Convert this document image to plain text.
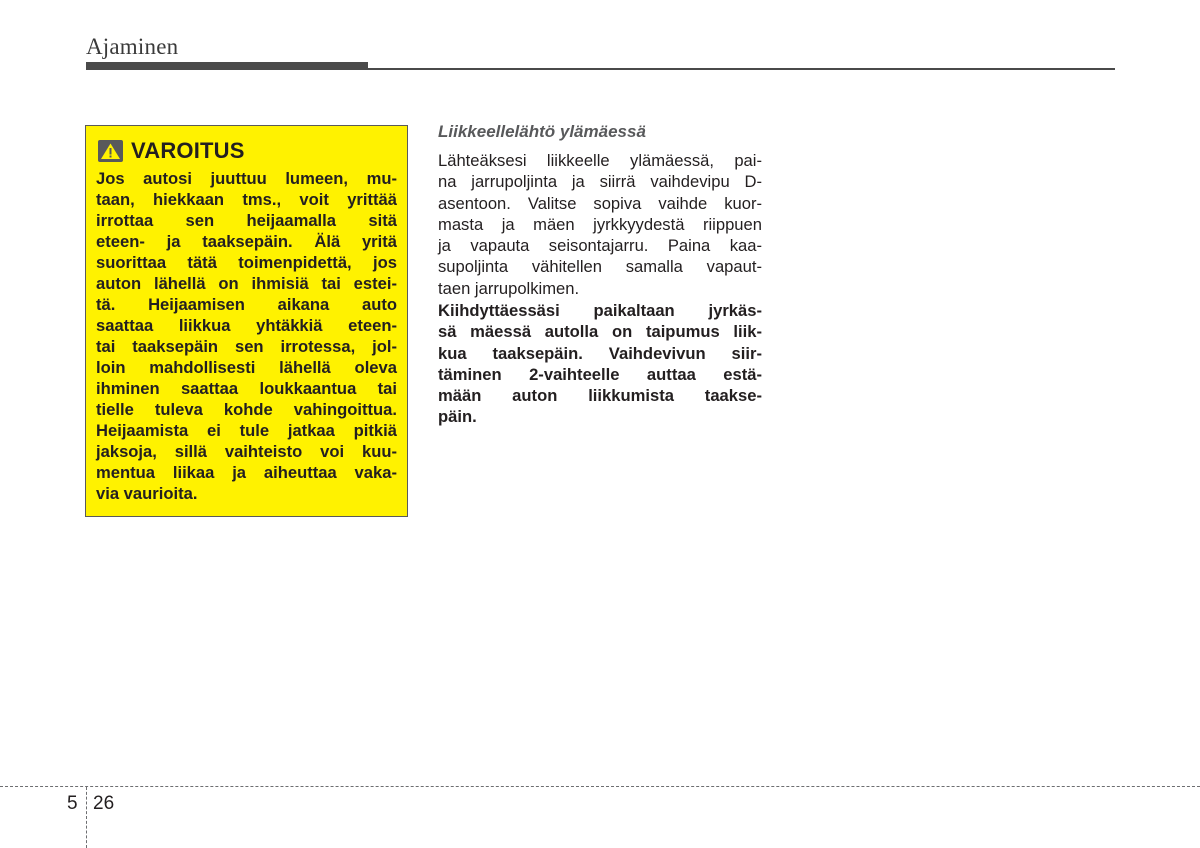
Ajaminen
VAROITUS

Jos autosi juuttuu lumeen, mu-
taan, hiekkaan tms., voit yrittää
irrottaa sen heijaamalla sitä
eteen- ja taaksepäin. Älä yritä
suorittaa tätä toimenpidettä, jos
auton lähellä on ihmisiä tai estei-
tä. Heijaamisen aikana auto
saattaa liikkua yhtäkkiä eteen-
tai taaksepäin sen irrotessa, jol-
loin mahdollisesti lähellä oleva
ihminen saattaa loukkaantua tai
tielle tuleva kohde vahingoittua.
Heijaamista ei tule jatkaa pitkiä
jaksoja, sillä vaihteisto voi kuu-
mentua liikaa ja aiheuttaa vaka-
via vaurioita.

Liikkeellelähtö ylämäessä

Lähteäksesi liikkeelle ylämäessä, pai-
na jarrupoljinta ja siirrä vaihdevipu D-
asentoon. Valitse sopiva vaihde kuor-
masta ja mäen jyrkkyydestä riippuen
ja vapauta seisontajarru. Paina kaa-
supoljinta vähitellen samalla vapaut-
taen jarrupolkimen.

Kiihdyttäessäsi paikaltaan jyrkäs-
sä mäessä autolla on taipumus liik-
kua taaksepäin. Vaihdevivun siir-
täminen 2-vaihteelle auttaa estä-
mään auton liikkumista taakse-
päin.

5 26
